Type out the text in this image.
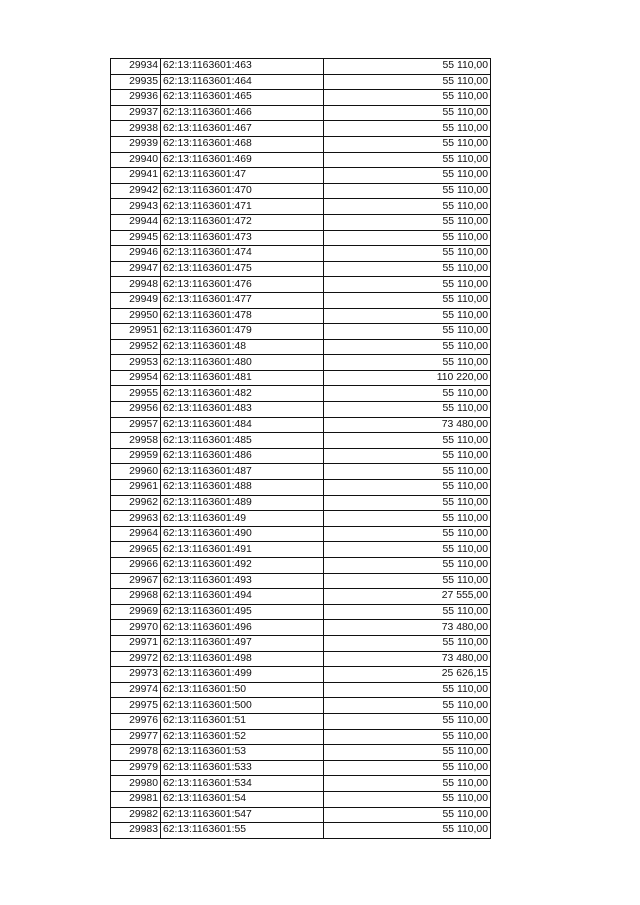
29934	62:13:1163601:463	55 110,00
29935	62:13:1163601:464	55 110,00
29936	62:13:1163601:465	55 110,00
29937	62:13:1163601:466	55 110,00
29938	62:13:1163601:467	55 110,00
29939	62:13:1163601:468	55 110,00
29940	62:13:1163601:469	55 110,00
29941	62:13:1163601:47	55 110,00
29942	62:13:1163601:470	55 110,00
29943	62:13:1163601:471	55 110,00
29944	62:13:1163601:472	55 110,00
29945	62:13:1163601:473	55 110,00
29946	62:13:1163601:474	55 110,00
29947	62:13:1163601:475	55 110,00
29948	62:13:1163601:476	55 110,00
29949	62:13:1163601:477	55 110,00
29950	62:13:1163601:478	55 110,00
29951	62:13:1163601:479	55 110,00
29952	62:13:1163601:48	55 110,00
29953	62:13:1163601:480	55 110,00
29954	62:13:1163601:481	110 220,00
29955	62:13:1163601:482	55 110,00
29956	62:13:1163601:483	55 110,00
29957	62:13:1163601:484	73 480,00
29958	62:13:1163601:485	55 110,00
29959	62:13:1163601:486	55 110,00
29960	62:13:1163601:487	55 110,00
29961	62:13:1163601:488	55 110,00
29962	62:13:1163601:489	55 110,00
29963	62:13:1163601:49	55 110,00
29964	62:13:1163601:490	55 110,00
29965	62:13:1163601:491	55 110,00
29966	62:13:1163601:492	55 110,00
29967	62:13:1163601:493	55 110,00
29968	62:13:1163601:494	27 555,00
29969	62:13:1163601:495	55 110,00
29970	62:13:1163601:496	73 480,00
29971	62:13:1163601:497	55 110,00
29972	62:13:1163601:498	73 480,00
29973	62:13:1163601:499	25 626,15
29974	62:13:1163601:50	55 110,00
29975	62:13:1163601:500	55 110,00
29976	62:13:1163601:51	55 110,00
29977	62:13:1163601:52	55 110,00
29978	62:13:1163601:53	55 110,00
29979	62:13:1163601:533	55 110,00
29980	62:13:1163601:534	55 110,00
29981	62:13:1163601:54	55 110,00
29982	62:13:1163601:547	55 110,00
29983	62:13:1163601:55	55 110,00
